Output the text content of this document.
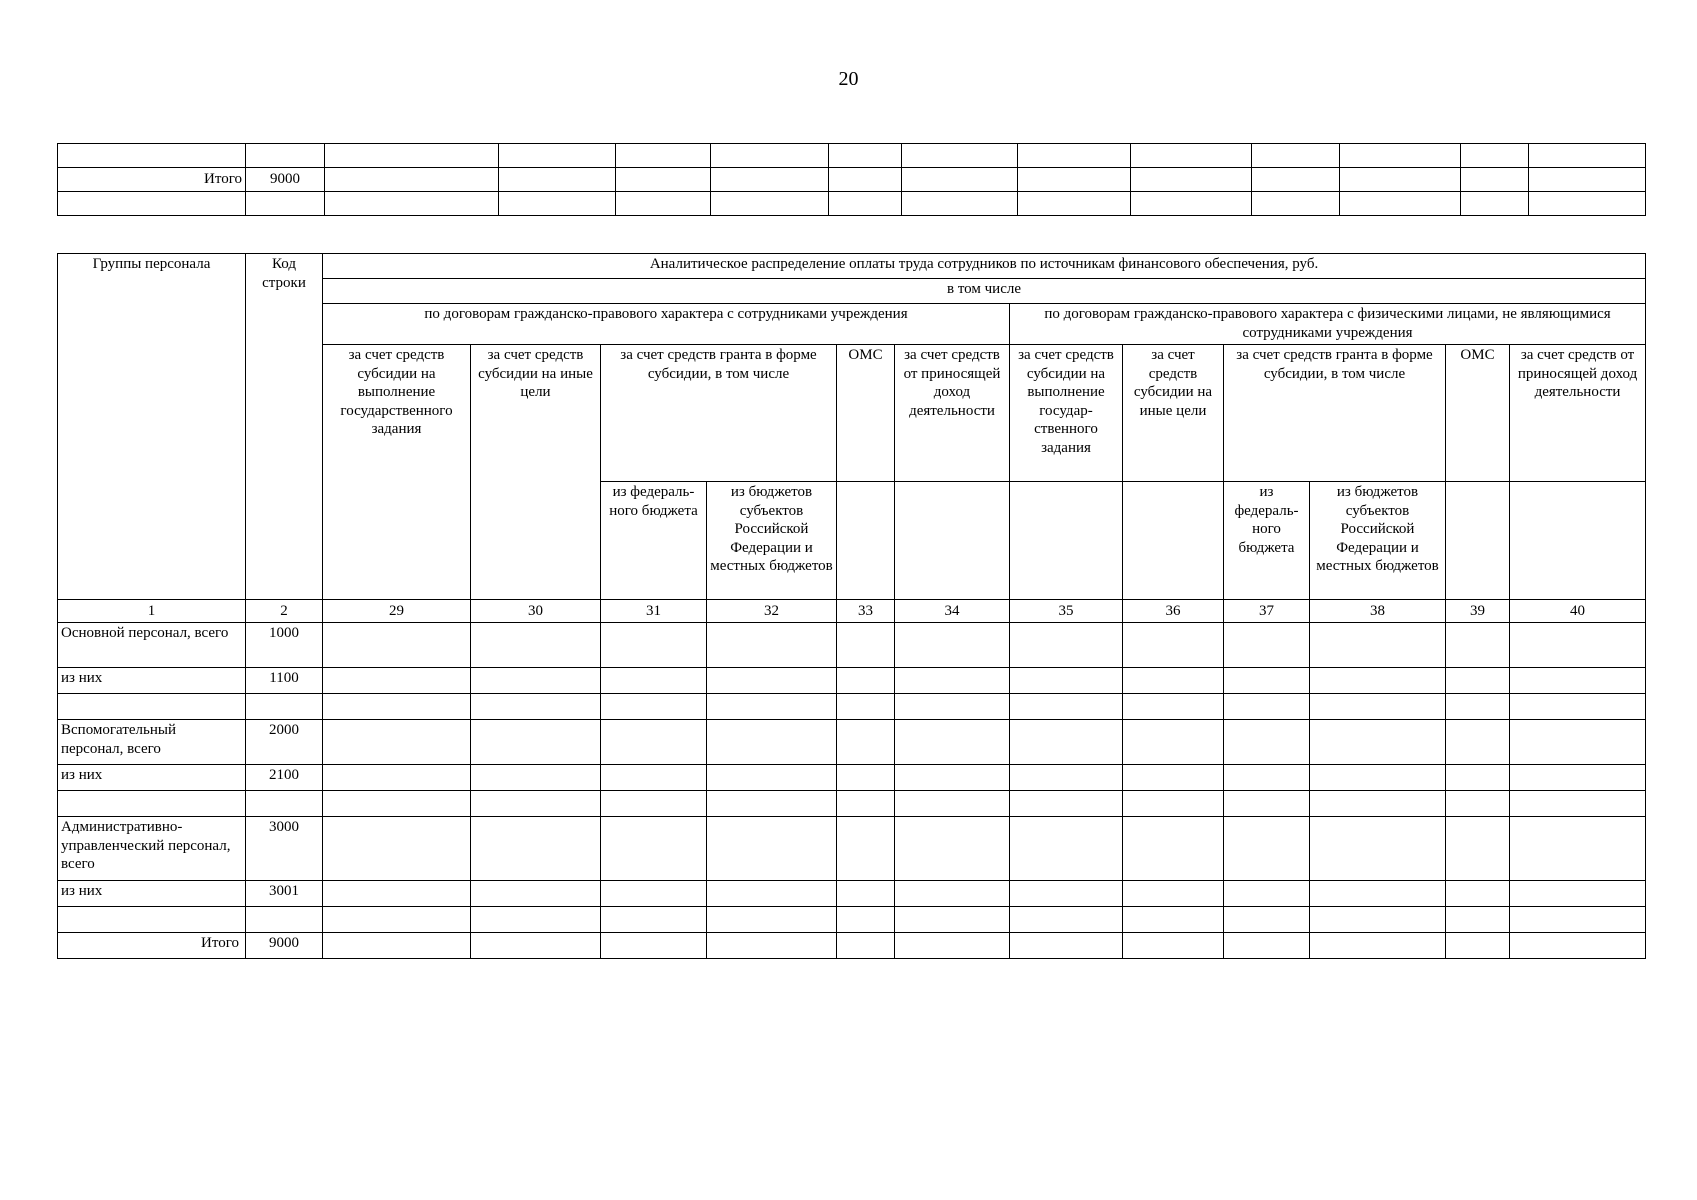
20

Итого	9000												

Группы персонала	Код строки	Аналитическое распределение оплаты труда сотрудников по источникам финансового обеспечения, руб.											
		в том числе											
		по договорам гражданско-правового характера с сотрудниками учреждения						по договорам гражданско-правового характера с физическими лицами, не являющимися сотрудниками учреждения					
		за счет средств субсидии на выполнение государственного задания	за счет средств субсидии на иные цели	за счет средств гранта в форме субсидии, в том числе		ОМС	за счет средств от приносящей доход деятельности	за счет средств субсидии на выполнение государ-ственного задания	за счет средств субсидии на иные цели	за счет средств гранта в форме субсидии, в том числе		ОМС	за счет средств от приносящей доход деятельности
				из федераль-ного бюджета	из бюджетов субъектов Российской Федерации и местных бюджетов					из федераль-ного бюджета	из бюджетов субъектов Российской Федерации и местных бюджетов		
1	2	29	30	31	32	33	34	35	36	37	38	39	40
Основной персонал, всего	1000												
из них	1100												

Вспомогательный персонал, всего	2000												
из них	2100												

Административно-управленческий персонал, всего	3000												
из них	3001												

Итого	9000												
